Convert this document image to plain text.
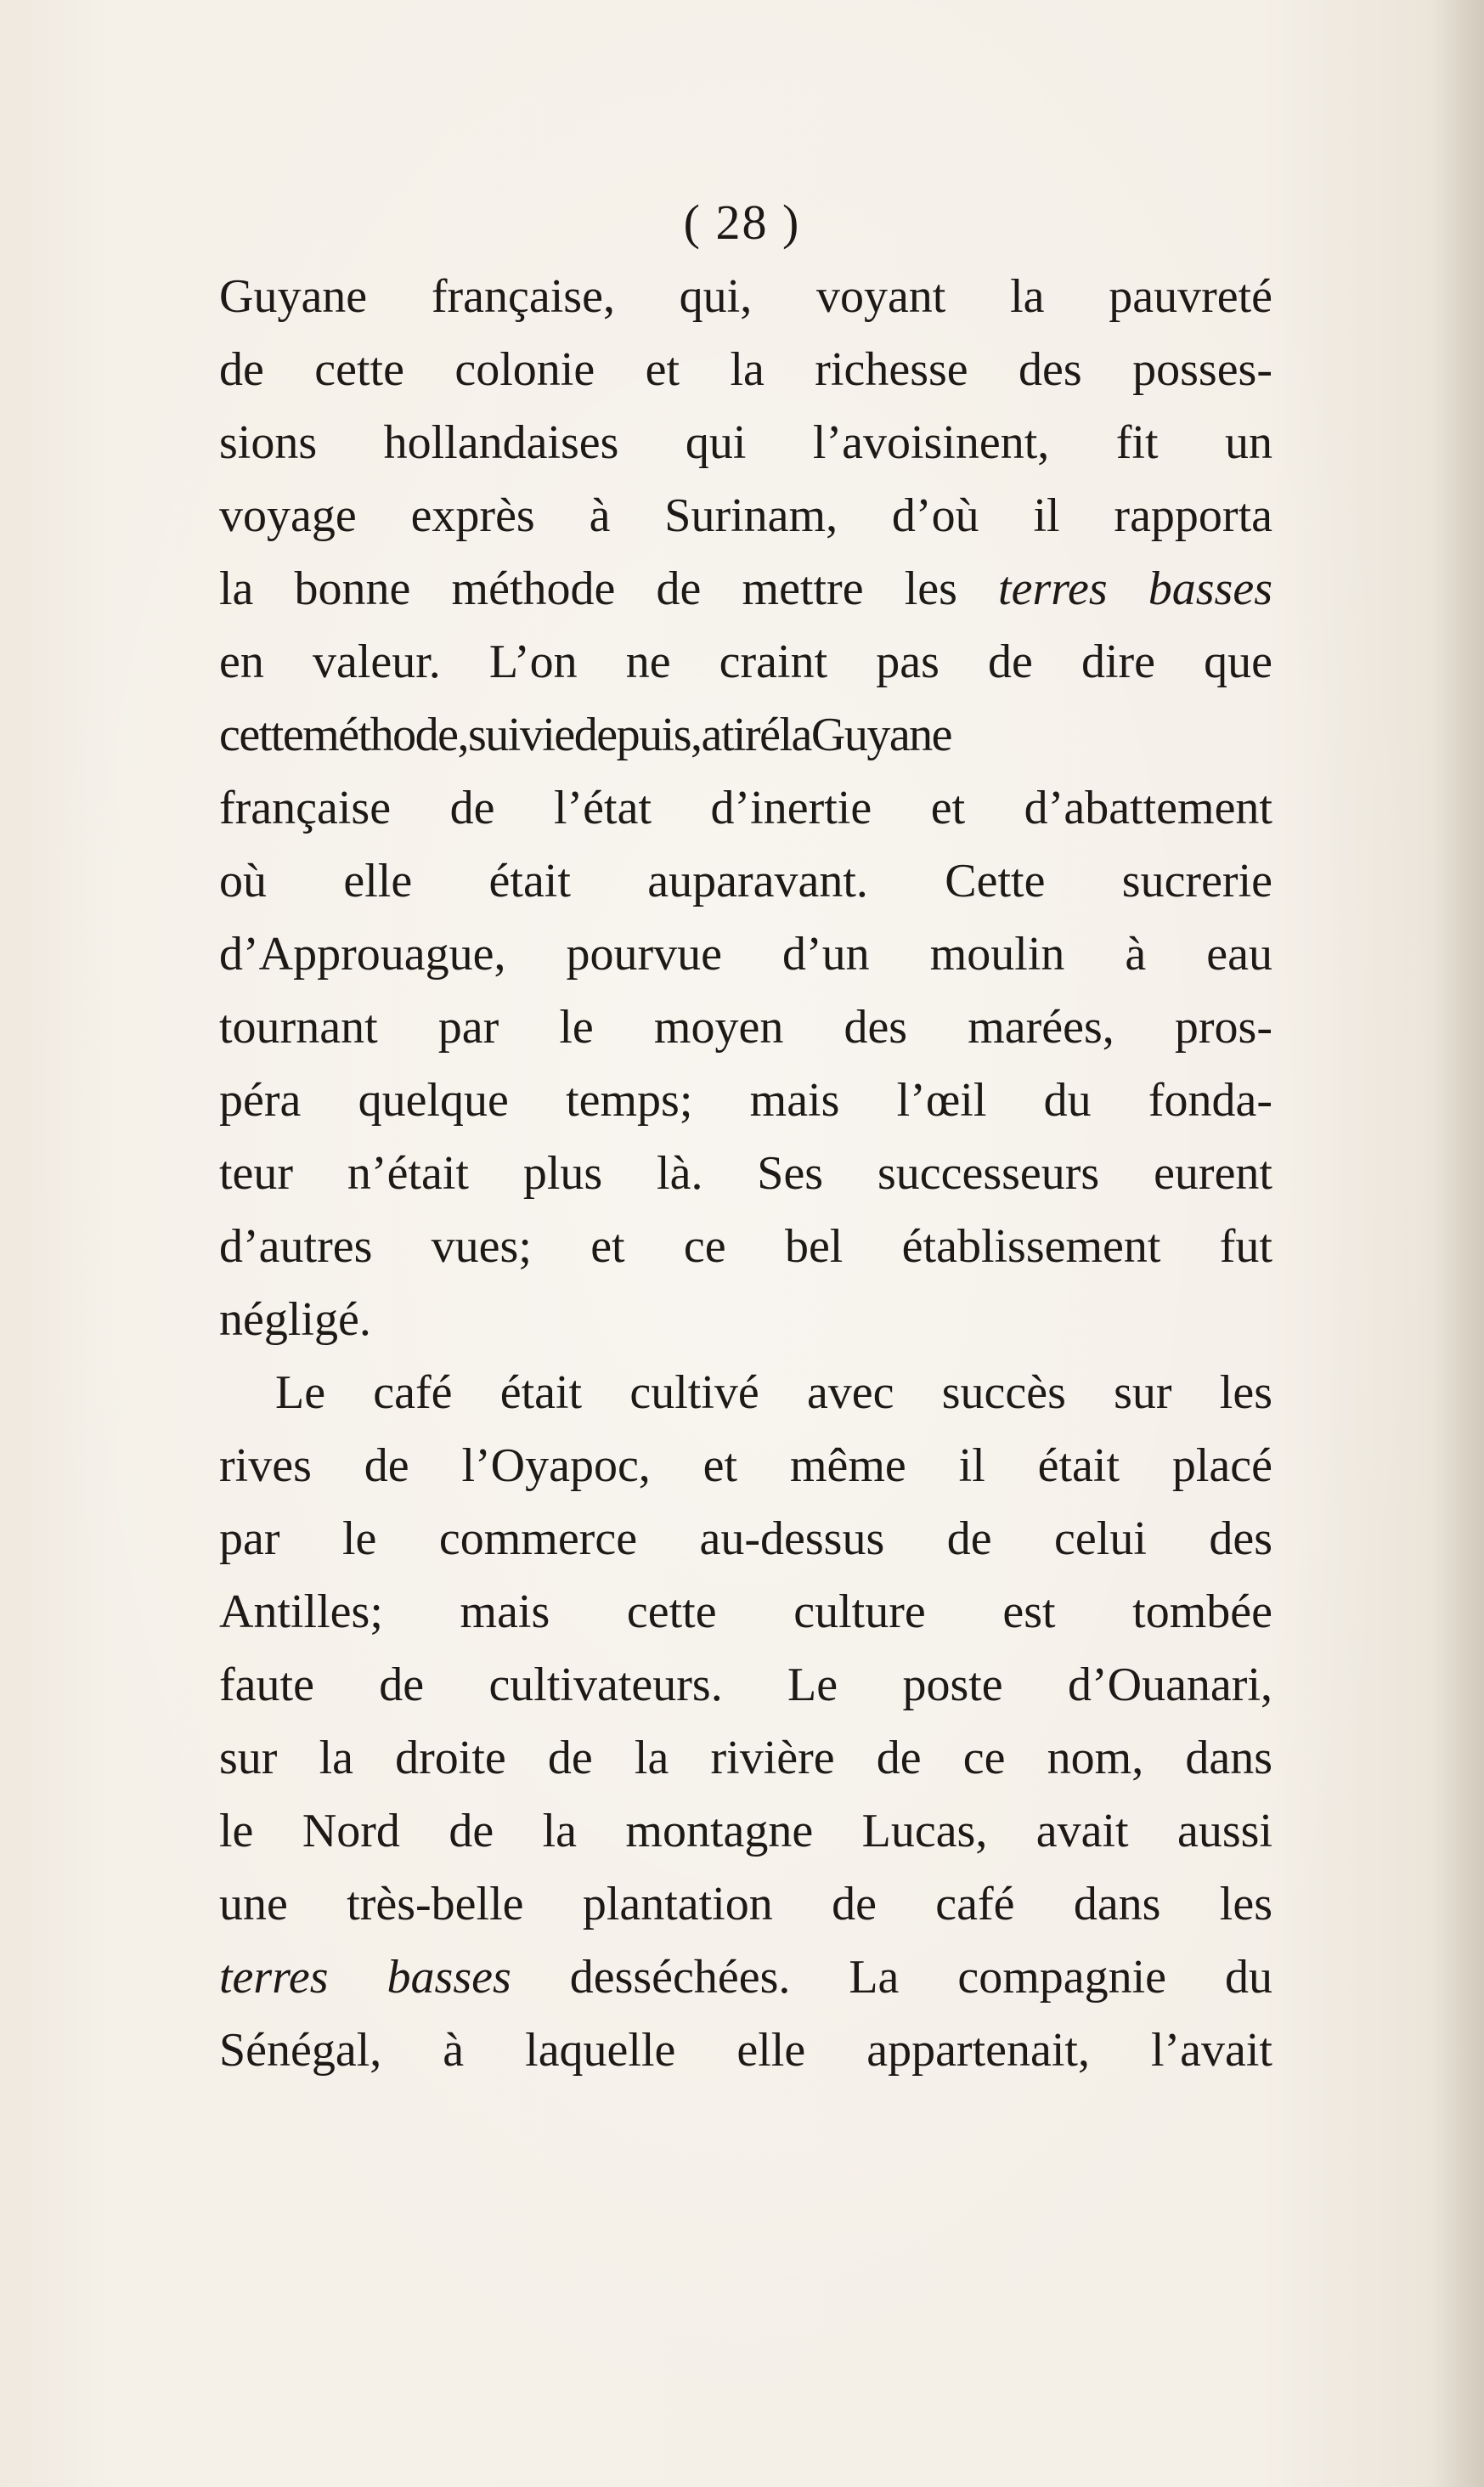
( 28 )
Guyane française, qui, voyant la pauvreté
de cette colonie et la richesse des posses-
sions hollandaises qui l’avoisinent, fit un
voyage exprès à Surinam, d’où il rapporta
la bonne méthode de mettre les terres basses
en valeur. L’on ne craint pas de dire que
cetteméthode,suiviedepuis,atirélaGuyane
française de l’état d’inertie et d’abattement
où elle était auparavant. Cette sucrerie
d’Approuague, pourvue d’un moulin à eau
tournant par le moyen des marées, pros-
péra quelque temps; mais l’œil du fonda-
teur n’était plus là. Ses successeurs eurent
d’autres vues; et ce bel établissement fut
négligé.
Le café était cultivé avec succès sur les
rives de l’Oyapoc, et même il était placé
par le commerce au-dessus de celui des
Antilles; mais cette culture est tombée
faute de cultivateurs. Le poste d’Ouanari,
sur la droite de la rivière de ce nom, dans
le Nord de la montagne Lucas, avait aussi
une très-belle plantation de café dans les
terres basses desséchées. La compagnie du
Sénégal, à laquelle elle appartenait, l’avait
